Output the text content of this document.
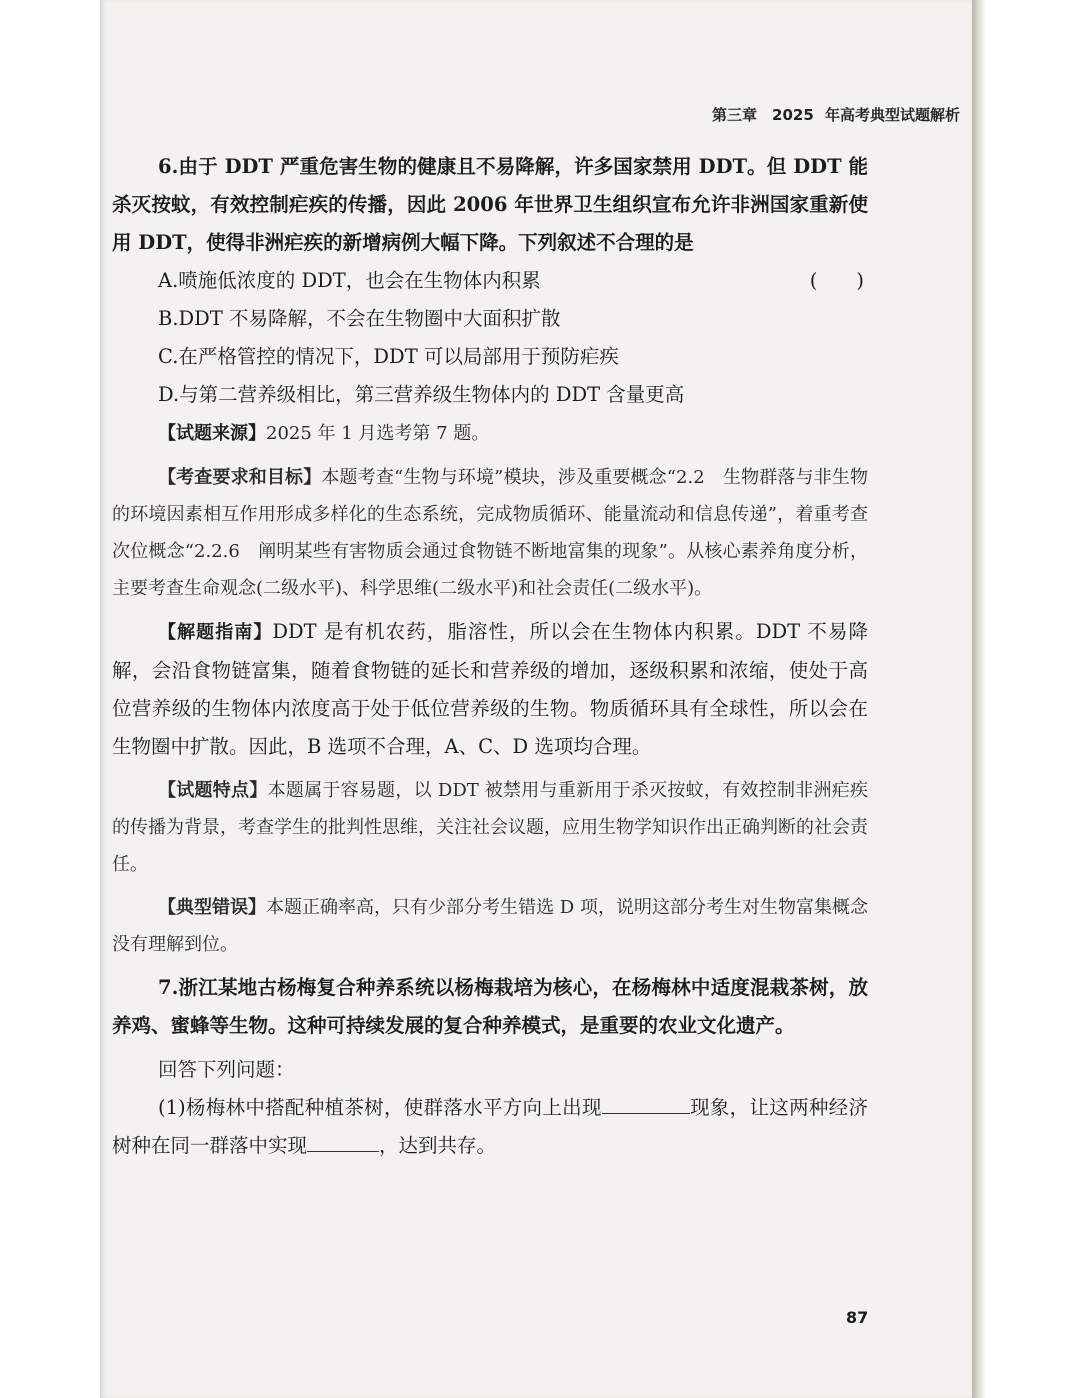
第三章　2025 年高考典型试题解析

6.由于 DDT 严重危害生物的健康且不易降解，许多国家禁用 DDT。但 DDT 能杀灭按蚊，有效控制疟疾的传播，因此 2006 年世界卫生组织宣布允许非洲国家重新使用 DDT，使得非洲疟疾的新增病例大幅下降。下列叙述不合理的是

(　　)

A.喷施低浓度的 DDT，也会在生物体内积累

B.DDT 不易降解，不会在生物圈中大面积扩散

C.在严格管控的情况下，DDT 可以局部用于预防疟疾

D.与第二营养级相比，第三营养级生物体内的 DDT 含量更高

【试题来源】2025 年 1 月选考第 7 题。

【考查要求和目标】本题考查“生物与环境”模块，涉及重要概念“2.2　生物群落与非生物的环境因素相互作用形成多样化的生态系统，完成物质循环、能量流动和信息传递”，着重考查次位概念“2.2.6　阐明某些有害物质会通过食物链不断地富集的现象”。从核心素养角度分析，主要考查生命观念(二级水平)、科学思维(二级水平)和社会责任(二级水平)。

【解题指南】DDT 是有机农药，脂溶性，所以会在生物体内积累。DDT 不易降解，会沿食物链富集，随着食物链的延长和营养级的增加，逐级积累和浓缩，使处于高位营养级的生物体内浓度高于处于低位营养级的生物。物质循环具有全球性，所以会在生物圈中扩散。因此，B 选项不合理，A、C、D 选项均合理。

【试题特点】本题属于容易题，以 DDT 被禁用与重新用于杀灭按蚊，有效控制非洲疟疾的传播为背景，考查学生的批判性思维，关注社会议题，应用生物学知识作出正确判断的社会责任。

【典型错误】本题正确率高，只有少部分考生错选 D 项，说明这部分考生对生物富集概念没有理解到位。

7.浙江某地古杨梅复合种养系统以杨梅栽培为核心，在杨梅林中适度混栽茶树，放养鸡、蜜蜂等生物。这种可持续发展的复合种养模式，是重要的农业文化遗产。

回答下列问题：

(1)杨梅林中搭配种植茶树，使群落水平方向上出现	现象，让这两种经济树种在同一群落中实现	，达到共存。

87
